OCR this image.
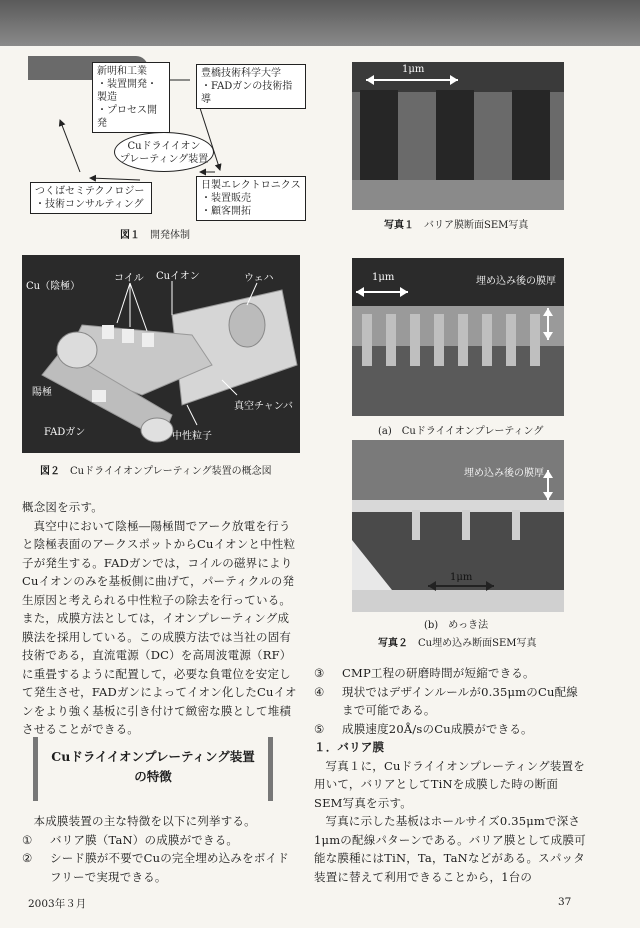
新明和工業
・装置開発・製造
・プロセス開発
豊橋技術科学大学
・FADガンの技術指導
Cuドライイオン
プレーティング装置
つくばセミテクノロジー
・技術コンサルティング
日製エレクトロニクス
・装置販売
・顧客開拓
図１ 開発体制
Cu（陰極）
コイル Cuイオン	ウェハ
陽極
FADガン
真空チャンバ
中性粒子
図２ Cuドライイオンプレーティング装置の概念図
1μm
写真１ バリア膜断面SEM写真
1μm	埋め込み後の膜厚
(a)　Cuドライイオンプレーティング
埋め込み後の膜厚
1μm
(b)　めっき法
写真２ Cu埋め込み断面SEM写真

概念図を示す。

真空中において陰極―陽極間でアーク放電を行うと陰極表面のアークスポットからCuイオンと中性粒子が発生する。FADガンでは，コイルの磁界によりCuイオンのみを基板側に曲げて，パーティクルの発生原因と考えられる中性粒子の除去を行っている。また，成膜方法としては，イオンプレーティング成膜法を採用している。この成膜方法では当社の固有技術である，直流電源（DC）を高周波電源（RF）に重畳するように配置して，必要な負電位を安定して発生させ，FADガンによってイオン化したCuイオンをより強く基板に引き付けて緻密な膜として堆積させることができる。

Cuドライイオンプレーティング装置
の特徴

本成膜装置の主な特徴を以下に列挙する。

①	バリア膜（TaN）の成膜ができる。
②	シード膜が不要でCuの完全埋め込みをボイドフリーで実現できる。
③	CMP工程の研磨時間が短縮できる。
④	現状ではデザインルールが0.35μmのCu配線まで可能である。
⑤	成膜速度20Å/sのCu成膜ができる。

１．バリア膜

写真１に，Cuドライイオンプレーティング装置を用いて，バリアとしてTiNを成膜した時の断面SEM写真を示す。

写真に示した基板はホールサイズ0.35μmで深さ1μmの配線パターンである。バリア膜として成膜可能な膜種にはTiN，Ta，TaNなどがある。スパッタ装置に替えて利用できることから，1台の

2003年３月	37
